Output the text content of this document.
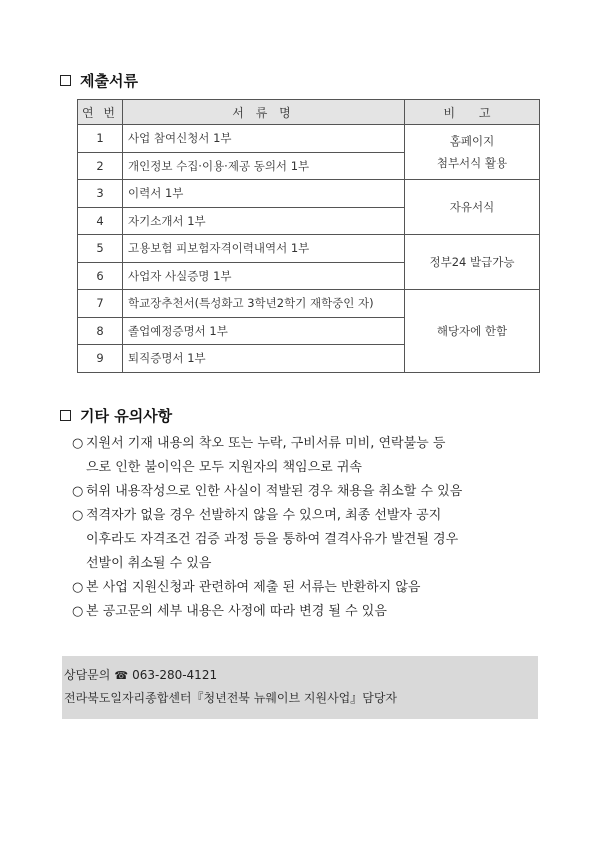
제출서류
연 번	서 류 명	비 고
1	사업 참여신청서 1부	홈페이지
첨부서식 활용

2	개인정보 수집·이용·제공 동의서 1부	
3	이력서 1부	자유서식
4	자기소개서 1부	
5	고용보험 피보험자격이력내역서 1부	정부24 발급가능
6	사업자 사실증명 1부	
7	학교장추천서(특성화고 3학년2학기 재학중인 자)	해당자에 한함
8	졸업예정증명서 1부	
9	퇴직증명서 1부	
기타 유의사항
○ 지원서 기재 내용의 착오 또는 누락, 구비서류 미비, 연락불능 등
으로 인한 불이익은 모두 지원자의 책임으로 귀속
○ 허위 내용작성으로 인한 사실이 적발된 경우 채용을 취소할 수 있음
○ 적격자가 없을 경우 선발하지 않을 수 있으며, 최종 선발자 공지
이후라도 자격조건 검증 과정 등을 통하여 결격사유가 발견될 경우
선발이 취소될 수 있음
○ 본 사업 지원신청과 관련하여 제출 된 서류는 반환하지 않음
○ 본 공고문의 세부 내용은 사정에 따라 변경 될 수 있음
상담문의 ☎ 063-280-4121
전라북도일자리종합센터『청년전북 뉴웨이브 지원사업』담당자
